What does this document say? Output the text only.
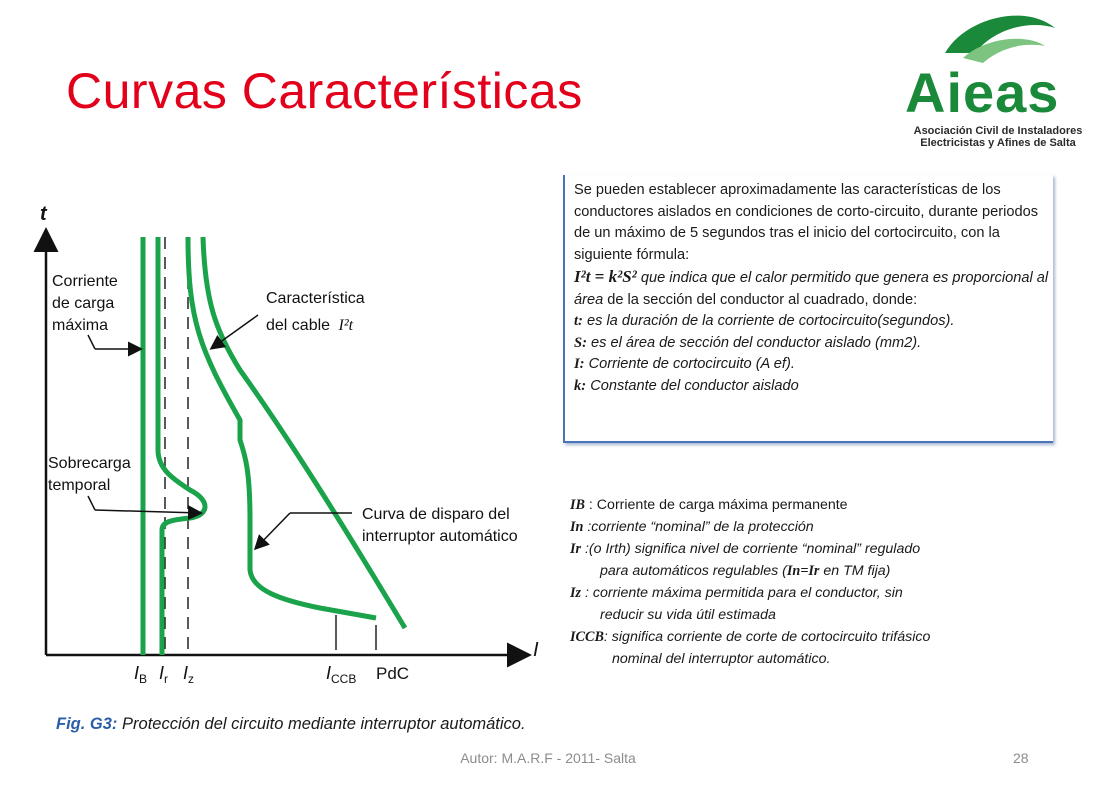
Curvas Características	Aieas
Asociación Civil de Instaladores
Electricistas y Afines de Salta
t
I
Corriente de carga máxima
Característica del cable I²t
Sobrecarga temporal
Curva de disparo del interruptor automático
$I_B$ $I_r$ $I_z$	$I_{CCB}$ PdC
Fig. G3: Protección del circuito mediante interruptor automático.
Se pueden establecer aproximadamente las características de los conductores aislados en condiciones de corto-circuito, durante periodos de un máximo de 5 segundos tras el inicio del cortocircuito, con la siguiente fórmula:
I²t = k²S² que indica que el calor permitido que genera es proporcional al área de la sección del conductor al cuadrado, donde:
t: es la duración de la corriente de cortocircuito(segundos).
S: es el área de sección del conductor aislado (mm2).
I: Corriente de cortocircuito (A ef).
k: Constante del conductor aislado
IB : Corriente de carga máxima permanente
In :corriente “nominal” de la protección
Ir :(o Irth) significa nivel de corriente “nominal” regulado
para automáticos regulables (In=Ir en TM fija)
Iz : corriente máxima permitida para el conductor, sin
reducir su vida útil estimada
ICCB: significa corriente de corte de cortocircuito trifásico
nominal del interruptor automático.
Autor: M.A.R.F - 2011- Salta	28
